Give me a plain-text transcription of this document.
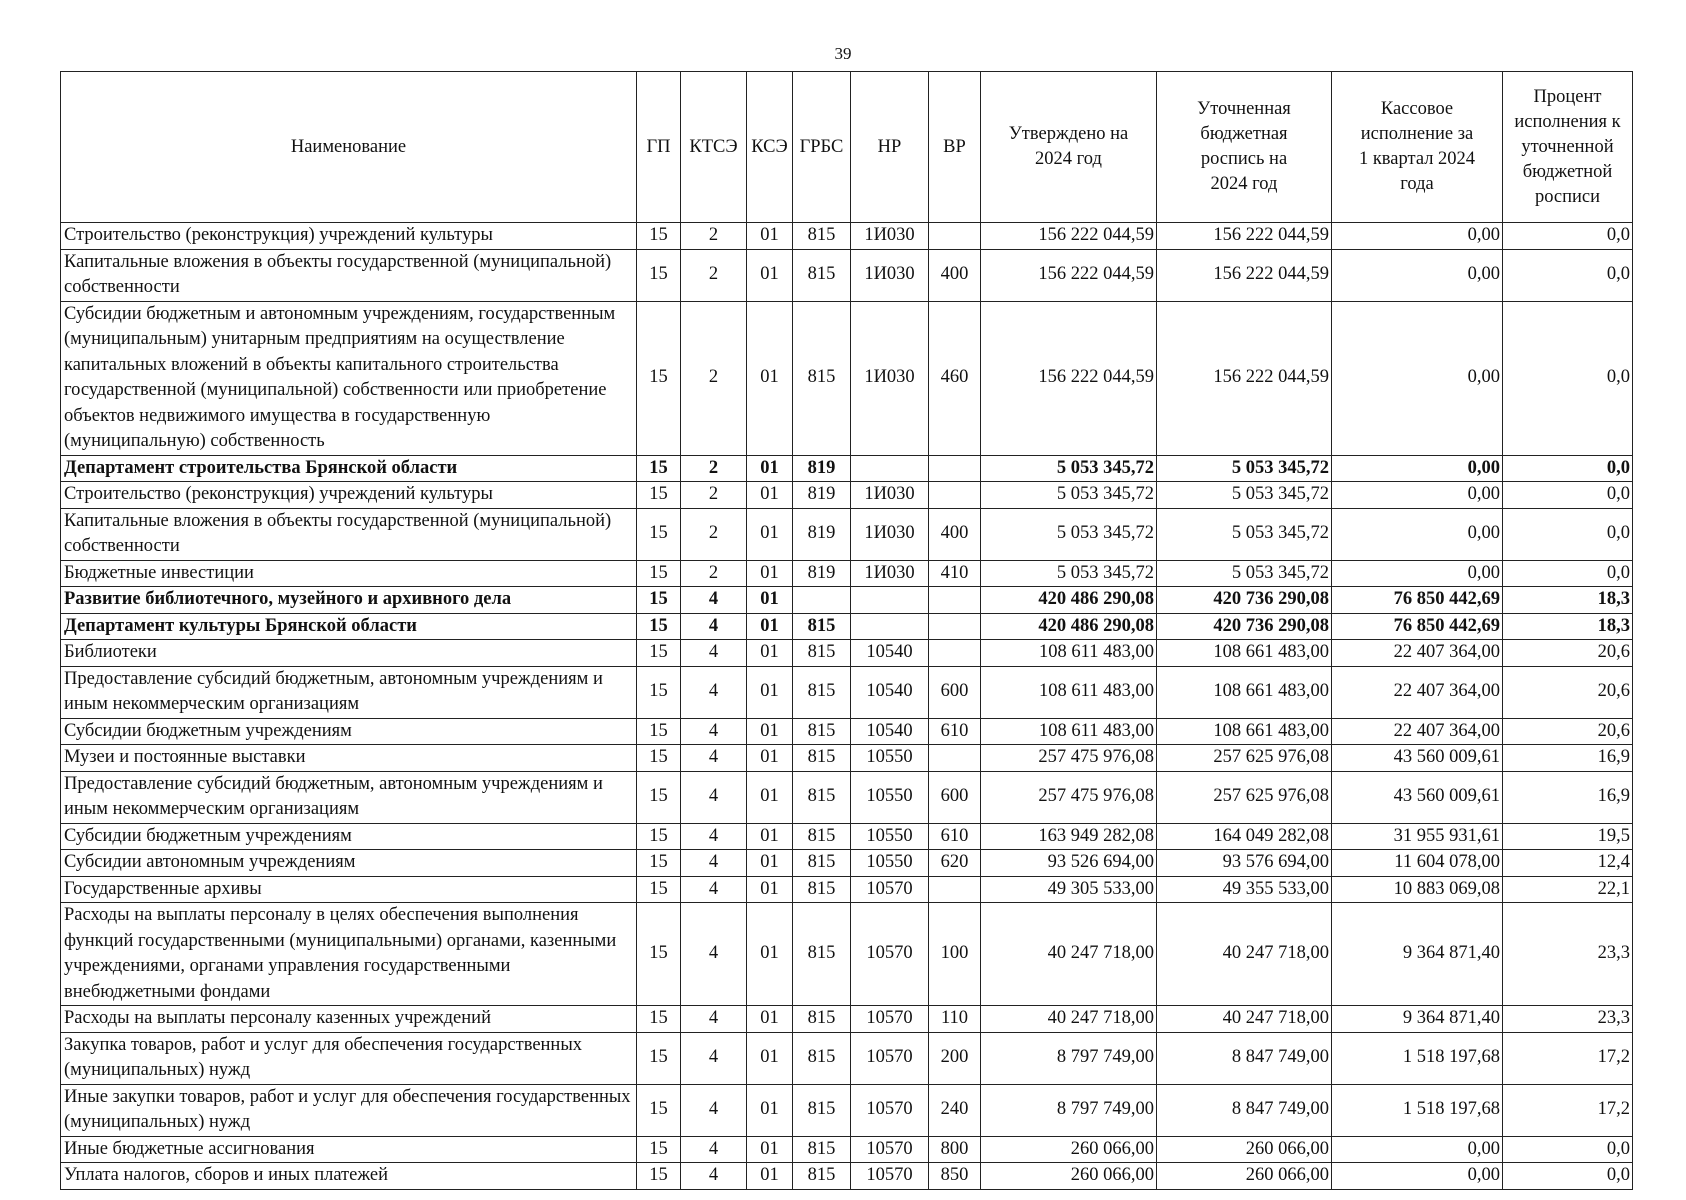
39
Наименование	ГП	КТСЭ	КСЭ	ГРБС	НР	ВР	Утверждено на 2024 год	Уточненная бюджетная роспись на 2024 год	Кассовое исполнение за 1 квартал 2024 года	Процент исполнения к уточненной бюджетной росписи
Строительство (реконструкция) учреждений культуры	15	2	01	815	1И030		156 222 044,59	156 222 044,59	0,00	0,0
Капитальные вложения в объекты государственной (муниципальной) собственности	15	2	01	815	1И030	400	156 222 044,59	156 222 044,59	0,00	0,0
Субсидии бюджетным и автономным учреждениям, государственным (муниципальным) унитарным предприятиям на осуществление капитальных вложений в объекты капитального строительства государственной (муниципальной) собственности или приобретение объектов недвижимого имущества в государственную (муниципальную) собственность	15	2	01	815	1И030	460	156 222 044,59	156 222 044,59	0,00	0,0
Департамент строительства Брянской области	15	2	01	819			5 053 345,72	5 053 345,72	0,00	0,0
Строительство (реконструкция) учреждений культуры	15	2	01	819	1И030		5 053 345,72	5 053 345,72	0,00	0,0
Капитальные вложения в объекты государственной (муниципальной) собственности	15	2	01	819	1И030	400	5 053 345,72	5 053 345,72	0,00	0,0
Бюджетные инвестиции	15	2	01	819	1И030	410	5 053 345,72	5 053 345,72	0,00	0,0
Развитие библиотечного, музейного и архивного дела	15	4	01				420 486 290,08	420 736 290,08	76 850 442,69	18,3
Департамент культуры Брянской области	15	4	01	815			420 486 290,08	420 736 290,08	76 850 442,69	18,3
Библиотеки	15	4	01	815	10540		108 611 483,00	108 661 483,00	22 407 364,00	20,6
Предоставление субсидий бюджетным, автономным учреждениям и иным некоммерческим организациям	15	4	01	815	10540	600	108 611 483,00	108 661 483,00	22 407 364,00	20,6
Субсидии бюджетным учреждениям	15	4	01	815	10540	610	108 611 483,00	108 661 483,00	22 407 364,00	20,6
Музеи и постоянные выставки	15	4	01	815	10550		257 475 976,08	257 625 976,08	43 560 009,61	16,9
Предоставление субсидий бюджетным, автономным учреждениям и иным некоммерческим организациям	15	4	01	815	10550	600	257 475 976,08	257 625 976,08	43 560 009,61	16,9
Субсидии бюджетным учреждениям	15	4	01	815	10550	610	163 949 282,08	164 049 282,08	31 955 931,61	19,5
Субсидии автономным учреждениям	15	4	01	815	10550	620	93 526 694,00	93 576 694,00	11 604 078,00	12,4
Государственные архивы	15	4	01	815	10570		49 305 533,00	49 355 533,00	10 883 069,08	22,1
Расходы на выплаты персоналу в целях обеспечения выполнения функций государственными (муниципальными) органами, казенными учреждениями, органами управления государственными внебюджетными фондами	15	4	01	815	10570	100	40 247 718,00	40 247 718,00	9 364 871,40	23,3
Расходы на выплаты персоналу казенных учреждений	15	4	01	815	10570	110	40 247 718,00	40 247 718,00	9 364 871,40	23,3
Закупка товаров, работ и услуг для обеспечения государственных (муниципальных) нужд	15	4	01	815	10570	200	8 797 749,00	8 847 749,00	1 518 197,68	17,2
Иные закупки товаров, работ и услуг для обеспечения государственных (муниципальных) нужд	15	4	01	815	10570	240	8 797 749,00	8 847 749,00	1 518 197,68	17,2
Иные бюджетные ассигнования	15	4	01	815	10570	800	260 066,00	260 066,00	0,00	0,0
Уплата налогов, сборов и иных платежей	15	4	01	815	10570	850	260 066,00	260 066,00	0,00	0,0
